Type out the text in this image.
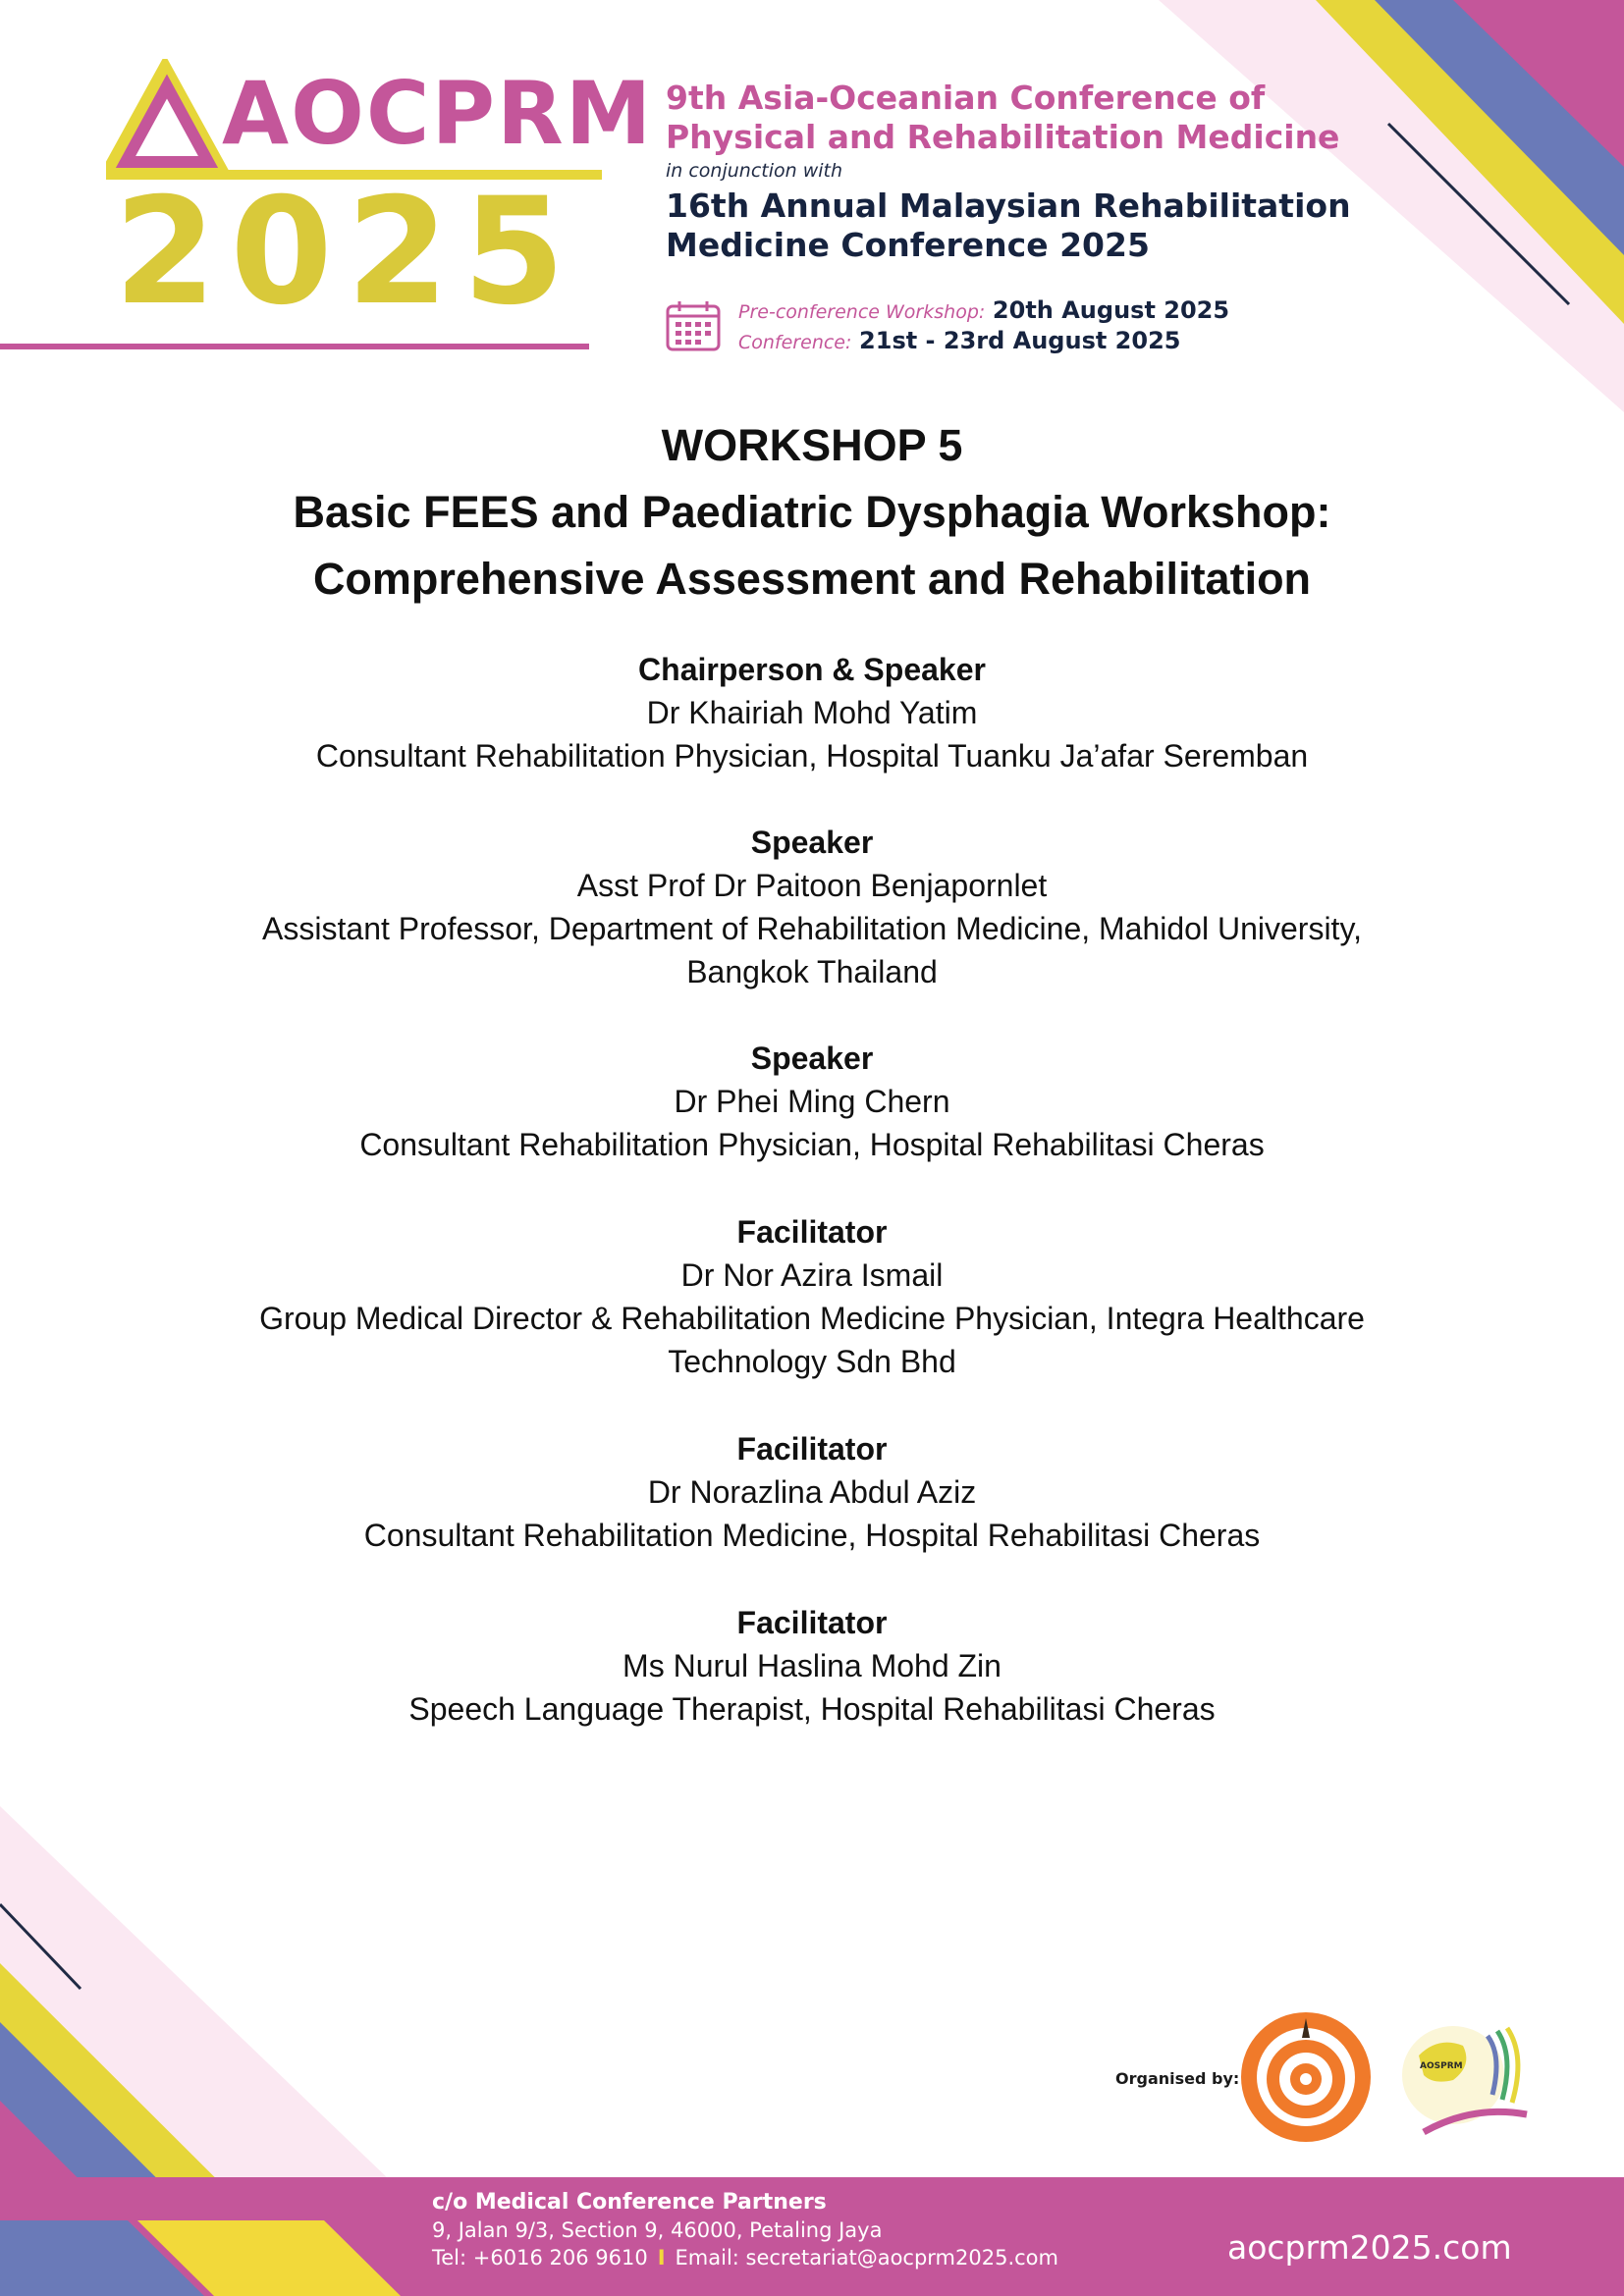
AOCPRM
2025
9th Asia-Oceanian Conference of
Physical and Rehabilitation Medicine
in conjunction with
16th Annual Malaysian Rehabilitation
Medicine Conference 2025
Pre-conference Workshop: 20th August 2025
Conference: 21st - 23rd August 2025
WORKSHOP 5
Basic FEES and Paediatric Dysphagia Workshop:
Comprehensive Assessment and Rehabilitation

Chairperson & Speaker

Dr Khairiah Mohd Yatim

Consultant Rehabilitation Physician, Hospital Tuanku Ja’afar Seremban

Speaker

Asst Prof Dr Paitoon Benjapornlet

Assistant Professor, Department of Rehabilitation Medicine, Mahidol University,

Bangkok Thailand

Speaker

Dr Phei Ming Chern

Consultant Rehabilitation Physician, Hospital Rehabilitasi Cheras

Facilitator

Dr Nor Azira Ismail

Group Medical Director & Rehabilitation Medicine Physician, Integra Healthcare

Technology Sdn Bhd

Facilitator

Dr Norazlina Abdul Aziz

Consultant Rehabilitation Medicine, Hospital Rehabilitasi Cheras

Facilitator

Ms Nurul Haslina Mohd Zin

Speech Language Therapist, Hospital Rehabilitasi Cheras

Organised by:
AOSPRM
c/o Medical Conference Partners
9, Jalan 9/3, Section 9, 46000, Petaling Jaya
Tel: +6016 206 9610 I Email: secretariat@aocprm2025.com	aocprm2025.com
